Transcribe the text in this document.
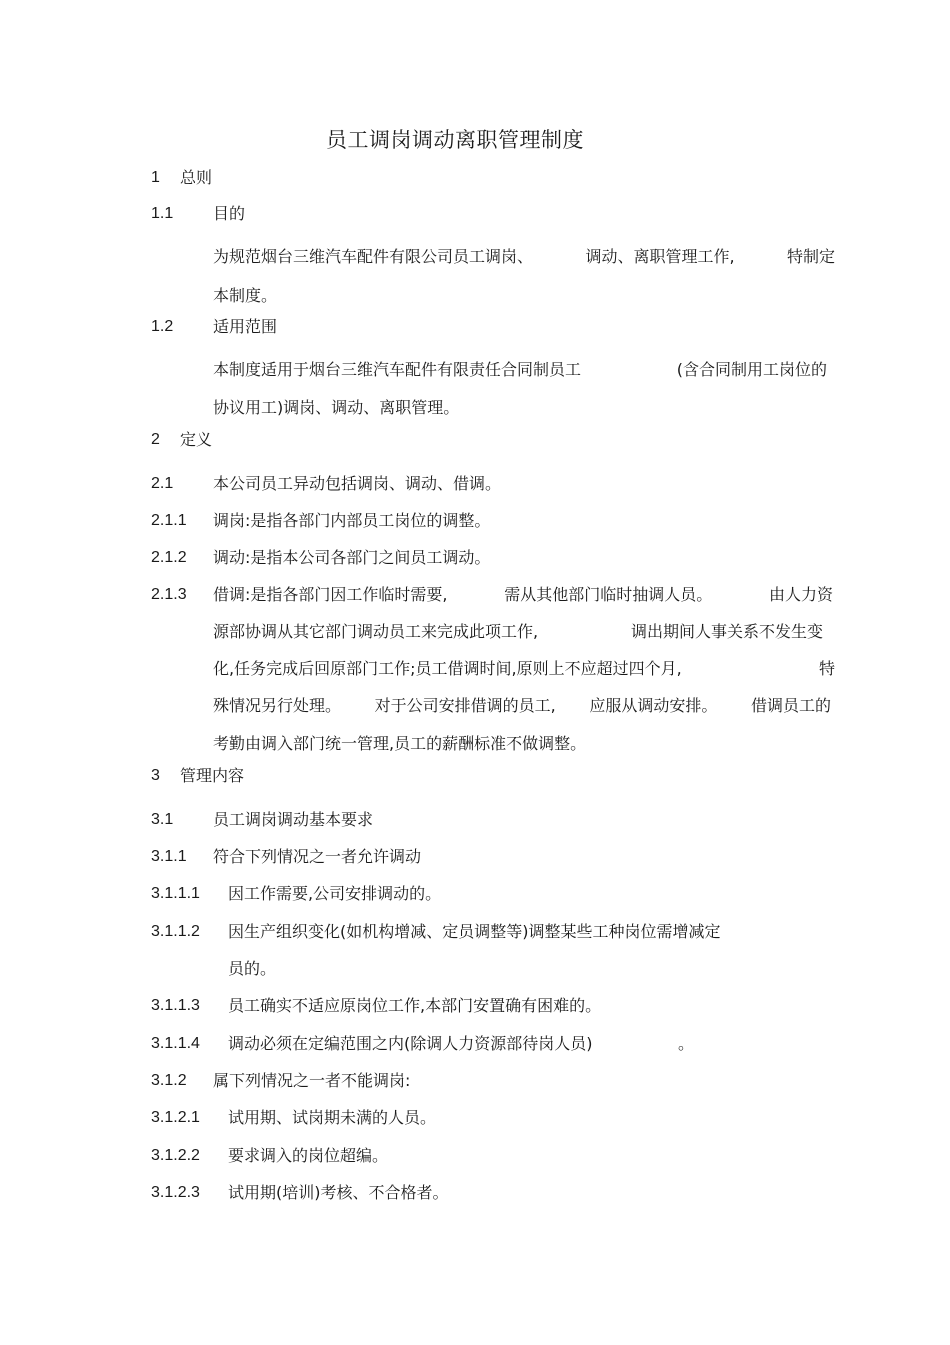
员工调岗调动离职管理制度
1 总则
1.1 目的
为规范烟台三维汽车配件有限公司员工调岗、	调动、离职管理工作,	特制定
本制度。
1.2 适用范围
本制度适用于烟台三维汽车配件有限责任合同制员工	(含合同制用工岗位的
协议用工)调岗、调动、离职管理。
2 定义
2.1 本公司员工异动包括调岗、调动、借调。
2.1.1 调岗:是指各部门内部员工岗位的调整。
2.1.2 调动:是指本公司各部门之间员工调动。
2.1.3 借调:是指各部门因工作临时需要,	需从其他部门临时抽调人员。	由人力资
源部协调从其它部门调动员工来完成此项工作,	调出期间人事关系不发生变
化,任务完成后回原部门工作;员工借调时间,原则上不应超过四个月,	特
殊情况另行处理。 对于公司安排借调的员工, 应服从调动安排。 借调员工的
考勤由调入部门统一管理,员工的薪酬标准不做调整。
3 管理内容
3.1 员工调岗调动基本要求
3.1.1 符合下列情况之一者允许调动
3.1.1.1 因工作需要,公司安排调动的。
3.1.1.2 因生产组织变化(如机构增减、定员调整等)调整某些工种岗位需增减定
员的。
3.1.1.3 员工确实不适应原岗位工作,本部门安置确有困难的。
3.1.1.4 调动必须在定编范围之内(除调人力资源部待岗人员)	。
3.1.2 属下列情况之一者不能调岗:
3.1.2.1 试用期、试岗期未满的人员。
3.1.2.2 要求调入的岗位超编。
3.1.2.3 试用期(培训)考核、不合格者。
